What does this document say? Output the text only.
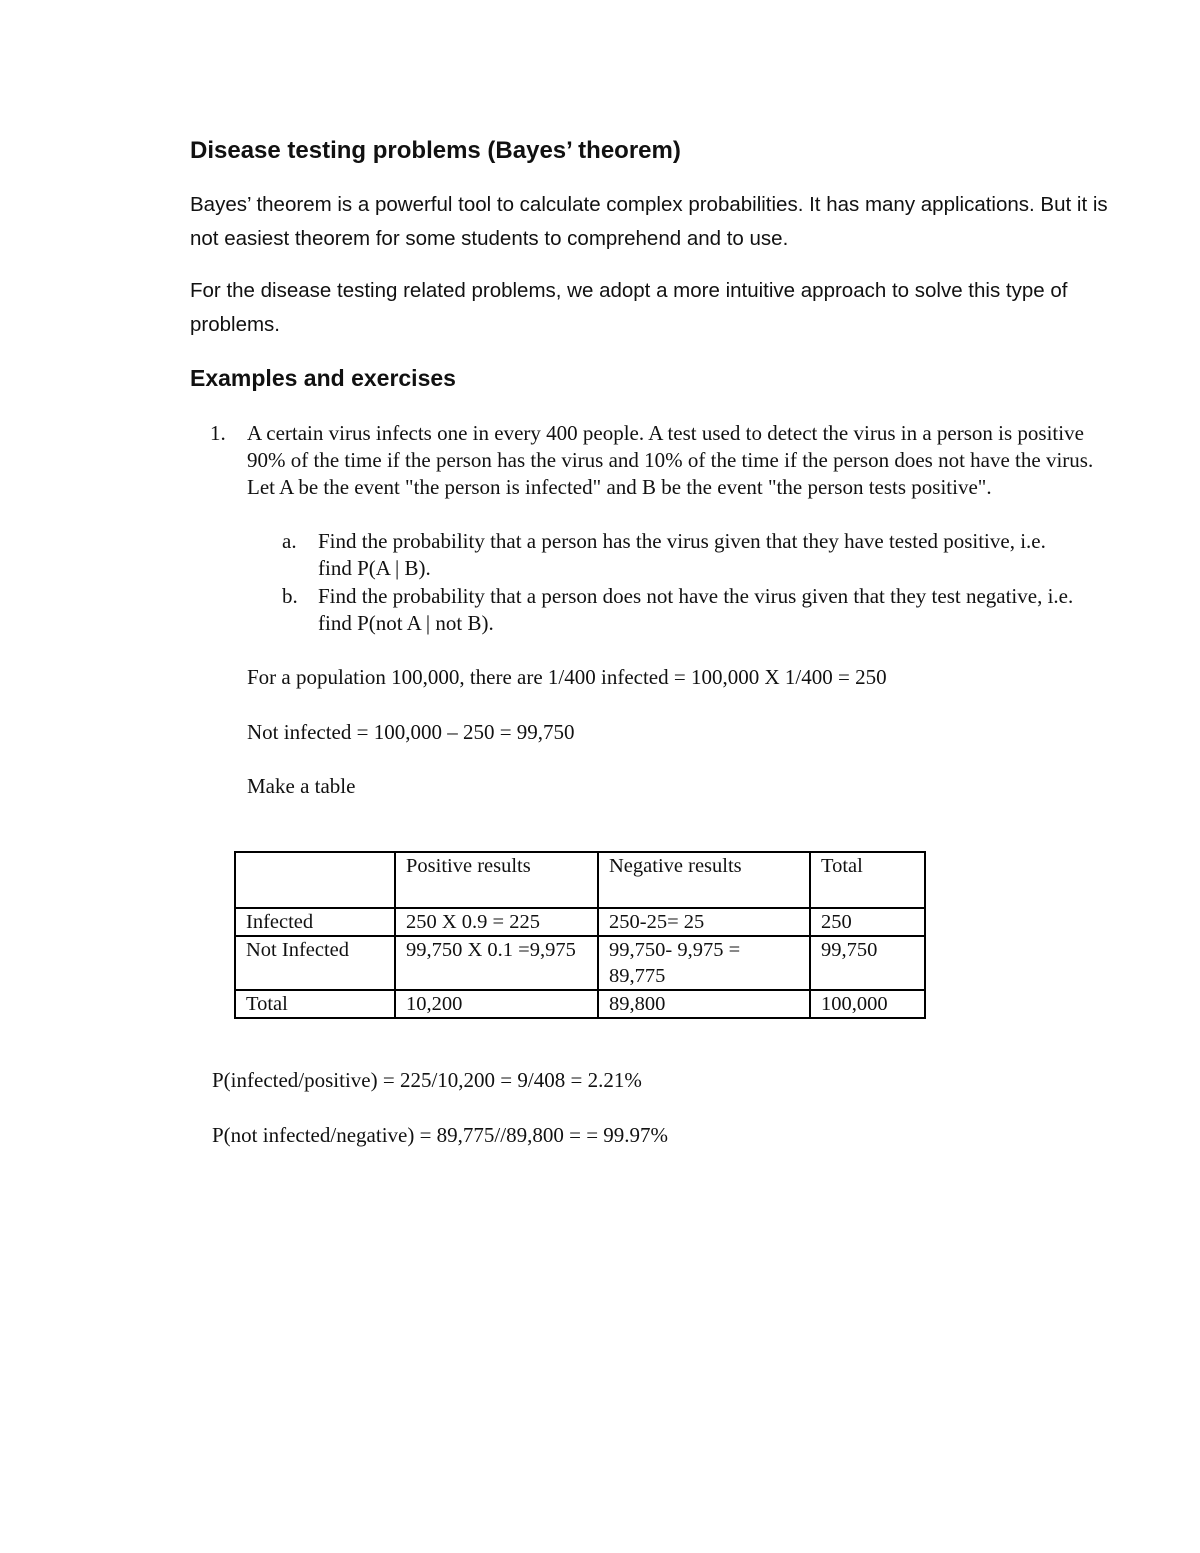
Disease testing problems (Bayes’ theorem)

Bayes’ theorem is a powerful tool to calculate complex probabilities. It has many applications. But it is not easiest theorem for some students to comprehend and to use.

For the disease testing related problems, we adopt a more intuitive approach to solve this type of problems.

Examples and exercises
1. A certain virus infects one in every 400 people. A test used to detect the virus in a person is positive 90% of the time if the person has the virus and 10% of the time if the person does not have the virus. Let A be the event "the person is infected" and B be the event "the person tests positive".

a. Find the probability that a person has the virus given that they have tested positive, i.e. find P(A | B).

b. Find the probability that a person does not have the virus given that they test negative, i.e. find P(not A | not B).

For a population 100,000, there are 1/400 infected = 100,000 X 1/400 = 250

Not infected = 100,000 – 250 = 99,750

Make a table

	Positive results	Negative results	Total
Infected	250 X 0.9 = 225	250-25= 25	250
Not Infected	99,750 X 0.1 =9,975	99,750- 9,975 = 89,775	99,750
Total	10,200	89,800	100,000

P(infected/positive) = 225/10,200 = 9/408 = 2.21%

P(not infected/negative) = 89,775//89,800 = = 99.97%
